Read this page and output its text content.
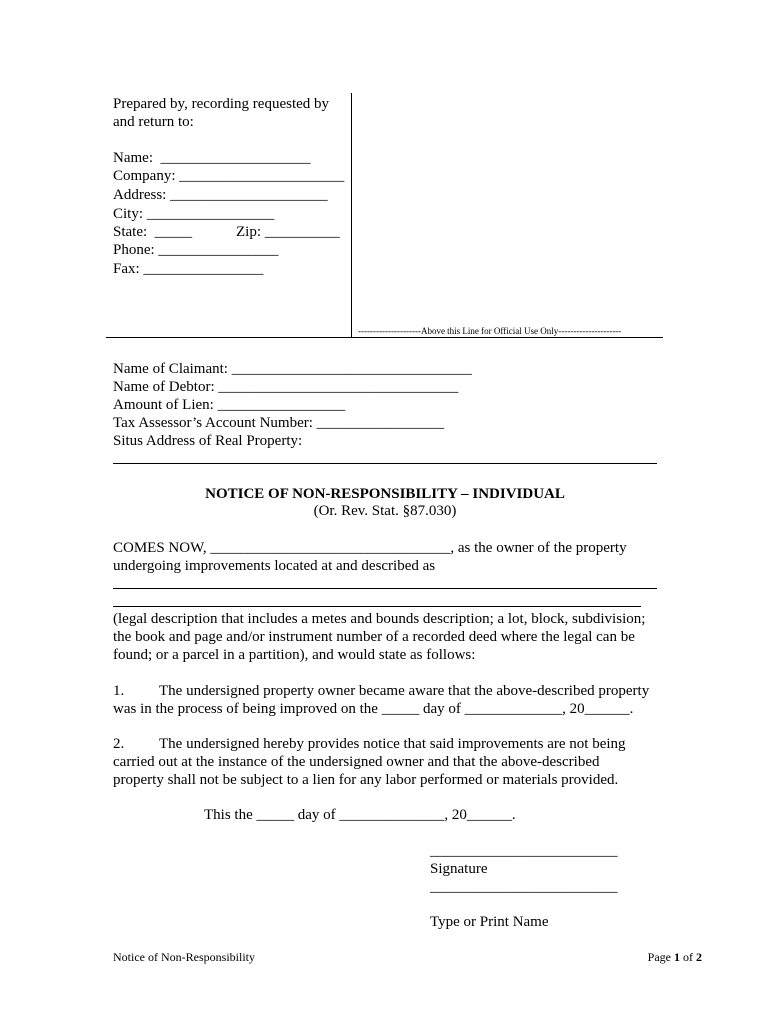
Prepared by, recording requested by
and return to:
Name:  ____________________
Company: ______________________
Address: _____________________
City: _________________
State:  _____	Zip: __________
Phone: ________________
Fax: ________________
---------------------Above this Line for Official Use Only---------------------
Name of Claimant: ________________________________
Name of Debtor: ________________________________
Amount of Lien: _________________
Tax Assessor’s Account Number: _________________
Situs Address of Real Property:
NOTICE OF NON-RESPONSIBILITY – INDIVIDUAL
(Or. Rev. Stat. §87.030)
COMES NOW, ________________________________, as the owner of the property
undergoing improvements located at and described as
(legal description that includes a metes and bounds description; a lot, block, subdivision;
the book and page and/or instrument number of a recorded deed where the legal can be
found; or a parcel in a partition), and would state as follows:
1. The undersigned property owner became aware that the above-described property
was in the process of being improved on the _____ day of _____________, 20______.
2. The undersigned hereby provides notice that said improvements are not being
carried out at the instance of the undersigned owner and that the above-described
property shall not be subject to a lien for any labor performed or materials provided.
This the _____ day of ______________, 20______.
_________________________
Signature
_________________________
Type or Print Name
Notice of Non-Responsibility	Page 1 of 2
